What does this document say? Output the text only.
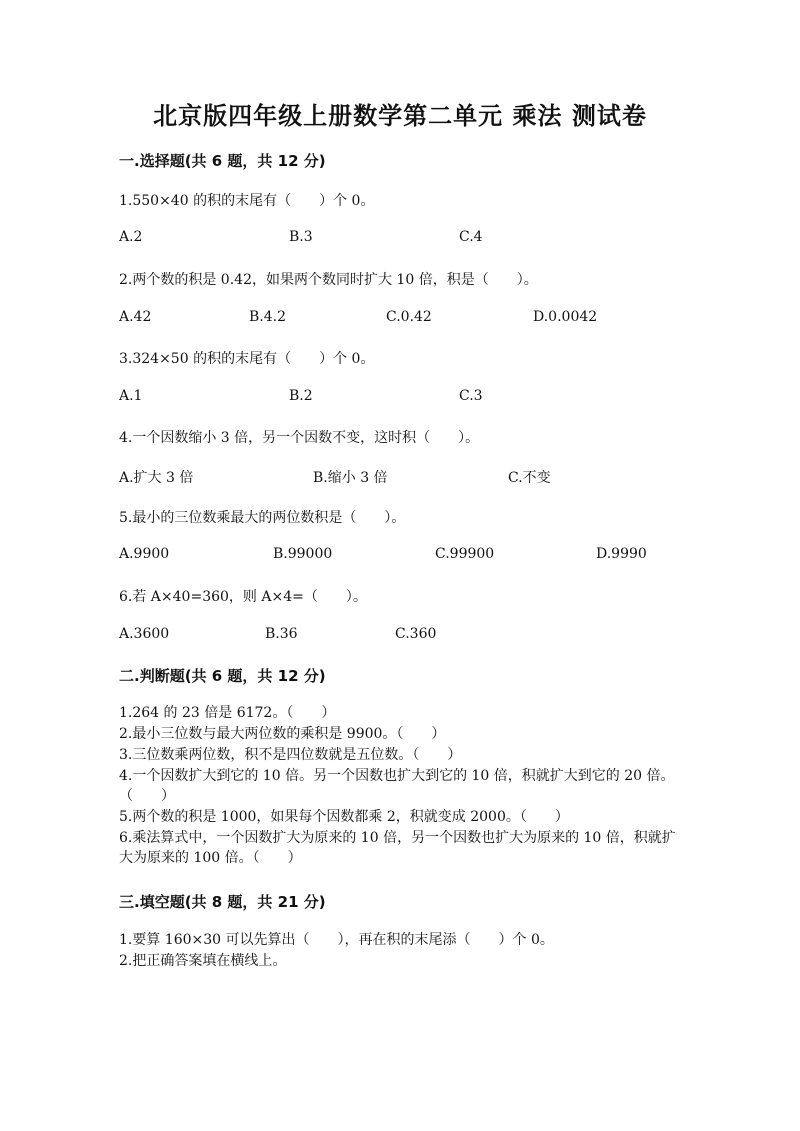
北京版四年级上册数学第二单元 乘法 测试卷
一.选择题(共 6 题，共 12 分)
1.550×40 的积的末尾有（　　）个 0。
A.2	B.3	C.4
2.两个数的积是 0.42，如果两个数同时扩大 10 倍，积是（　　）。
A.42	B.4.2	C.0.42	D.0.0042
3.324×50 的积的末尾有（　　）个 0。
A.1	B.2	C.3
4.一个因数缩小 3 倍，另一个因数不变，这时积（　　）。
A.扩大 3 倍	B.缩小 3 倍	C.不变
5.最小的三位数乘最大的两位数积是（　　）。
A.9900	B.99000	C.99900	D.9990
6.若 A×40=360，则 A×4=（　　）。
A.3600	B.36	C.360
二.判断题(共 6 题，共 12 分)
1.264 的 23 倍是 6172。（　　）
2.最小三位数与最大两位数的乘积是 9900。（　　）
3.三位数乘两位数，积不是四位数就是五位数。（　　）
4.一个因数扩大到它的 10 倍。另一个因数也扩大到它的 10 倍，积就扩大到它的 20 倍。（　　）
5.两个数的积是 1000，如果每个因数都乘 2，积就变成 2000。（　　）
6.乘法算式中，一个因数扩大为原来的 10 倍，另一个因数也扩大为原来的 10 倍，积就扩大为原来的 100 倍。（　　）
三.填空题(共 8 题，共 21 分)
1.要算 160×30 可以先算出（　　），再在积的末尾添（　　）个 0。
2.把正确答案填在横线上。
